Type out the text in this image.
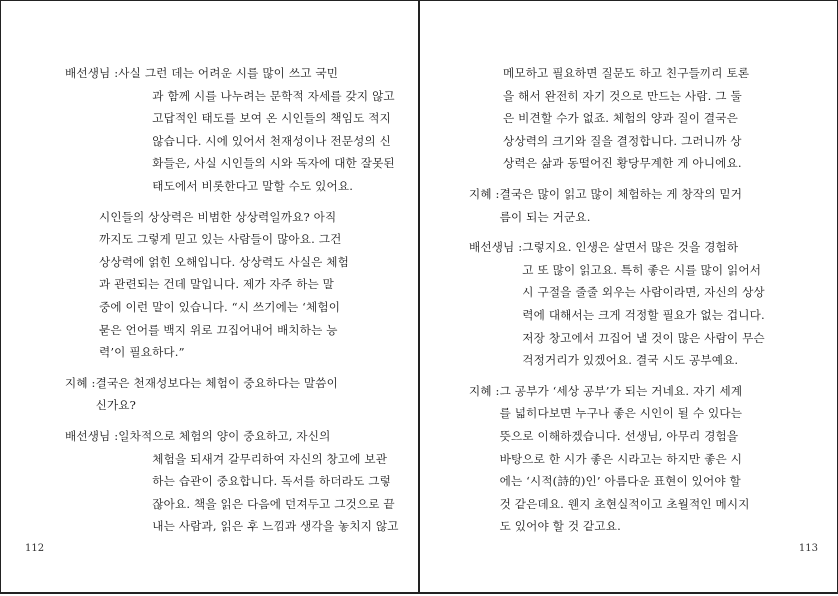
배선생님 : 사실 그런 데는 어려운 시를 많이 쓰고 국민
과 함께 시를 나누려는 문학적 자세를 갖지 않고
고답적인 태도를 보여 온 시인들의 책임도 적지
않습니다. 시에 있어서 천재성이나 전문성의 신
화들은, 사실 시인들의 시와 독자에 대한 잘못된
태도에서 비롯한다고 말할 수도 있어요.
시인들의 상상력은 비범한 상상력일까요? 아직
까지도 그렇게 믿고 있는 사람들이 많아요. 그건
상상력에 얽힌 오해입니다. 상상력도 사실은 체험
과 관련되는 건데 말입니다. 제가 자주 하는 말
중에 이런 말이 있습니다. “시 쓰기에는 ‘체험이
묻은 언어를 백지 위로 끄집어내어 배치하는 능
력’이 필요하다.”
지혜 : 결국은 천재성보다는 체험이 중요하다는 말씀이
신가요?
배선생님 : 일차적으로 체험의 양이 중요하고, 자신의
체험을 되새겨 갈무리하여 자신의 창고에 보관
하는 습관이 중요합니다. 독서를 하더라도 그렇
잖아요. 책을 읽은 다음에 던져두고 그것으로 끝
내는 사람과, 읽은 후 느낌과 생각을 놓치지 않고
112
메모하고 필요하면 질문도 하고 친구들끼리 토론
을 해서 완전히 자기 것으로 만드는 사람. 그 둘
은 비견할 수가 없죠. 체험의 양과 질이 결국은
상상력의 크기와 질을 결정합니다. 그러니까 상
상력은 삶과 동떨어진 황당무계한 게 아니에요.
지혜 : 결국은 많이 읽고 많이 체험하는 게 창작의 밑거
름이 되는 거군요.
배선생님 : 그렇지요. 인생은 살면서 많은 것을 경험하
고 또 많이 읽고요. 특히 좋은 시를 많이 읽어서
시 구절을 줄줄 외우는 사람이라면, 자신의 상상
력에 대해서는 크게 걱정할 필요가 없는 겁니다.
저장 창고에서 끄집어 낼 것이 많은 사람이 무슨
걱정거리가 있겠어요. 결국 시도 공부예요.
지혜 : 그 공부가 ‘세상 공부’가 되는 거네요. 자기 세계
를 넓히다보면 누구나 좋은 시인이 될 수 있다는
뜻으로 이해하겠습니다. 선생님, 아무리 경험을
바탕으로 한 시가 좋은 시라고는 하지만 좋은 시
에는 ‘시적(詩的)인’ 아름다운 표현이 있어야 할
것 같은데요. 웬지 초현실적이고 초월적인 메시지
도 있어야 할 것 같고요.
113
